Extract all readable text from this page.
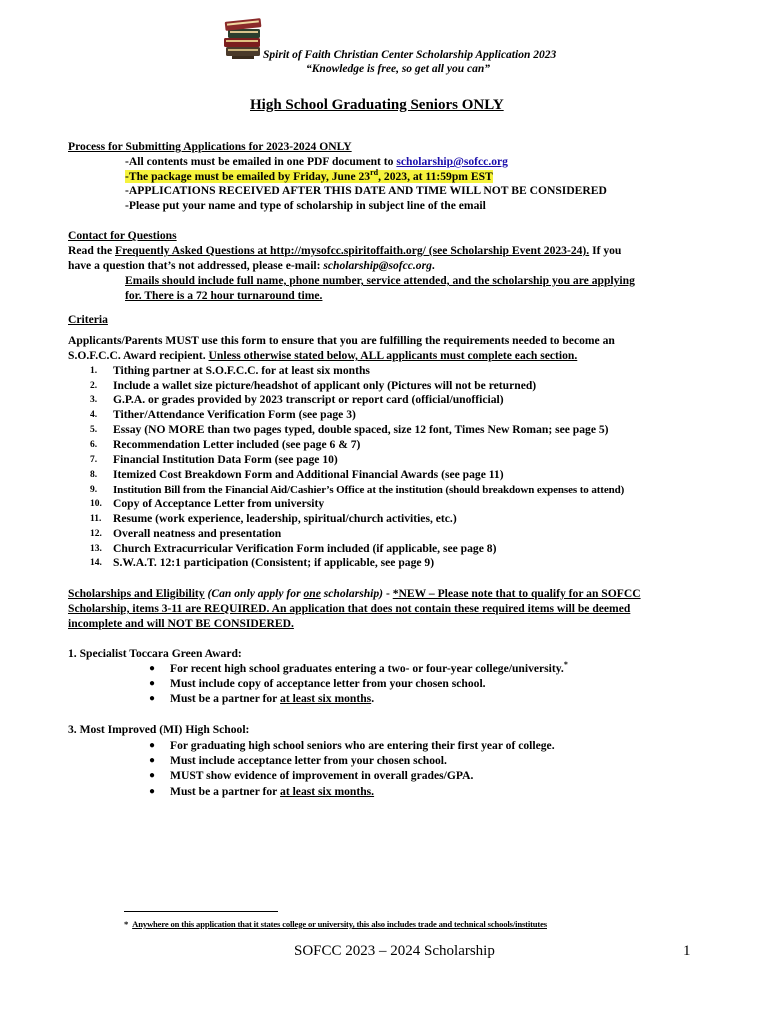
Spirit of Faith Christian Center Scholarship Application 2023
“Knowledge is free, so get all you can”
High School Graduating Seniors ONLY
Process for Submitting Applications for 2023-2024 ONLY
-All contents must be emailed in one PDF document to scholarship@sofcc.org
-The package must be emailed by Friday, June 23rd, 2023, at 11:59pm EST
-APPLICATIONS RECEIVED AFTER THIS DATE AND TIME WILL NOT BE CONSIDERED
-Please put your name and type of scholarship in subject line of the email
Contact for Questions
Read the Frequently Asked Questions at http://mysofcc.spiritoffaith.org/ (see Scholarship Event 2023-24). If you
have a question that’s not addressed, please e-mail: scholarship@sofcc.org.
Emails should include full name, phone number, service attended, and the scholarship you are applying
for. There is a 72 hour turnaround time.
Criteria
Applicants/Parents MUST use this form to ensure that you are fulfilling the requirements needed to become an
S.O.F.C.C. Award recipient. Unless otherwise stated below, ALL applicants must complete each section.
1.	Tithing partner at S.O.F.C.C. for at least six months
2.	Include a wallet size picture/headshot of applicant only (Pictures will not be returned)
3.	G.P.A. or grades provided by 2023 transcript or report card (official/unofficial)
4.	Tither/Attendance Verification Form (see page 3)
5.	Essay (NO MORE than two pages typed, double spaced, size 12 font, Times New Roman; see page 5)
6.	Recommendation Letter included (see page 6 & 7)
7.	Financial Institution Data Form (see page 10)
8.	Itemized Cost Breakdown Form and Additional Financial Awards (see page 11)
9.	Institution Bill from the Financial Aid/Cashier’s Office at the institution (should breakdown expenses to attend)
10. Copy of Acceptance Letter from university
11.	Resume (work experience, leadership, spiritual/church activities, etc.)
12. Overall neatness and presentation
13. Church Extracurricular Verification Form included (if applicable, see page 8)
14. S.W.A.T. 12:1 participation (Consistent; if applicable, see page 9)
Scholarships and Eligibility (Can only apply for one scholarship) - *NEW – Please note that to qualify for an SOFCC
Scholarship, items 3-11 are REQUIRED. An application that does not contain these required items will be deemed
incomplete and will NOT BE CONSIDERED.
1. Specialist Toccara Green Award:
● For recent high school graduates entering a two- or four-year college/university.*
● Must include copy of acceptance letter from your chosen school.
● Must be a partner for at least six months.
3. Most Improved (MI) High School:
● For graduating high school seniors who are entering their first year of college.
● Must include acceptance letter from your chosen school.
● MUST show evidence of improvement in overall grades/GPA.
● Must be a partner for at least six months.
* Anywhere on this application that it states college or university, this also includes trade and technical schools/institutes
SOFCC 2023 – 2024 Scholarship	1
